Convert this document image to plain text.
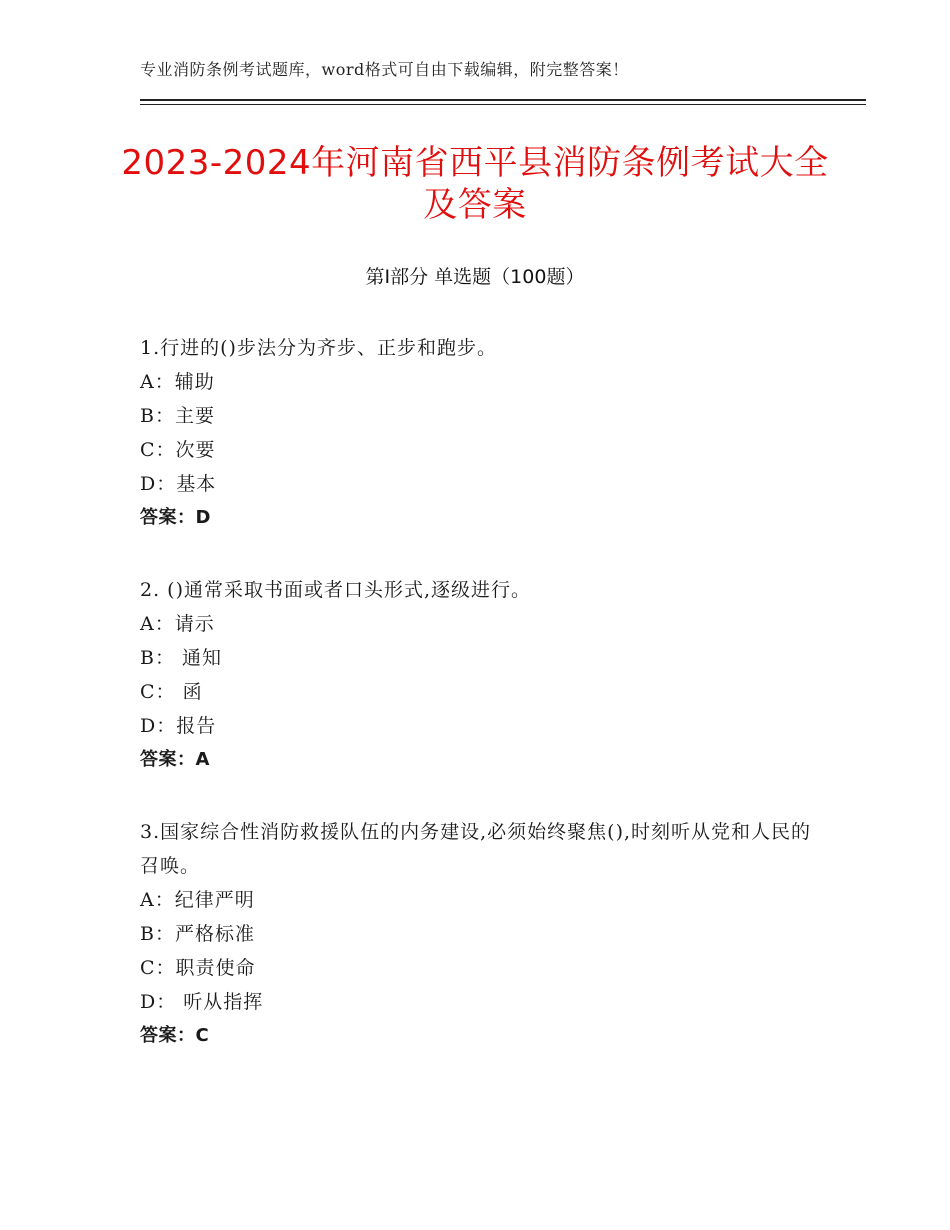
专业消防条例考试题库，word格式可自由下载编辑，附完整答案！
2023-2024年河南省西平县消防条例考试大全及答案
第Ⅰ部分 单选题（100题）
1.行进的()步法分为齐步、正步和跑步。
A：辅助
B：主要
C：次要
D：基本
答案：D
2. ()通常采取书面或者口头形式,逐级进行。
A：请示
B： 通知
C： 函
D：报告
答案：A
3.国家综合性消防救援队伍的内务建设,必须始终聚焦(),时刻听从党和人民的召唤。
A：纪律严明
B：严格标准
C：职责使命
D： 听从指挥
答案：C
